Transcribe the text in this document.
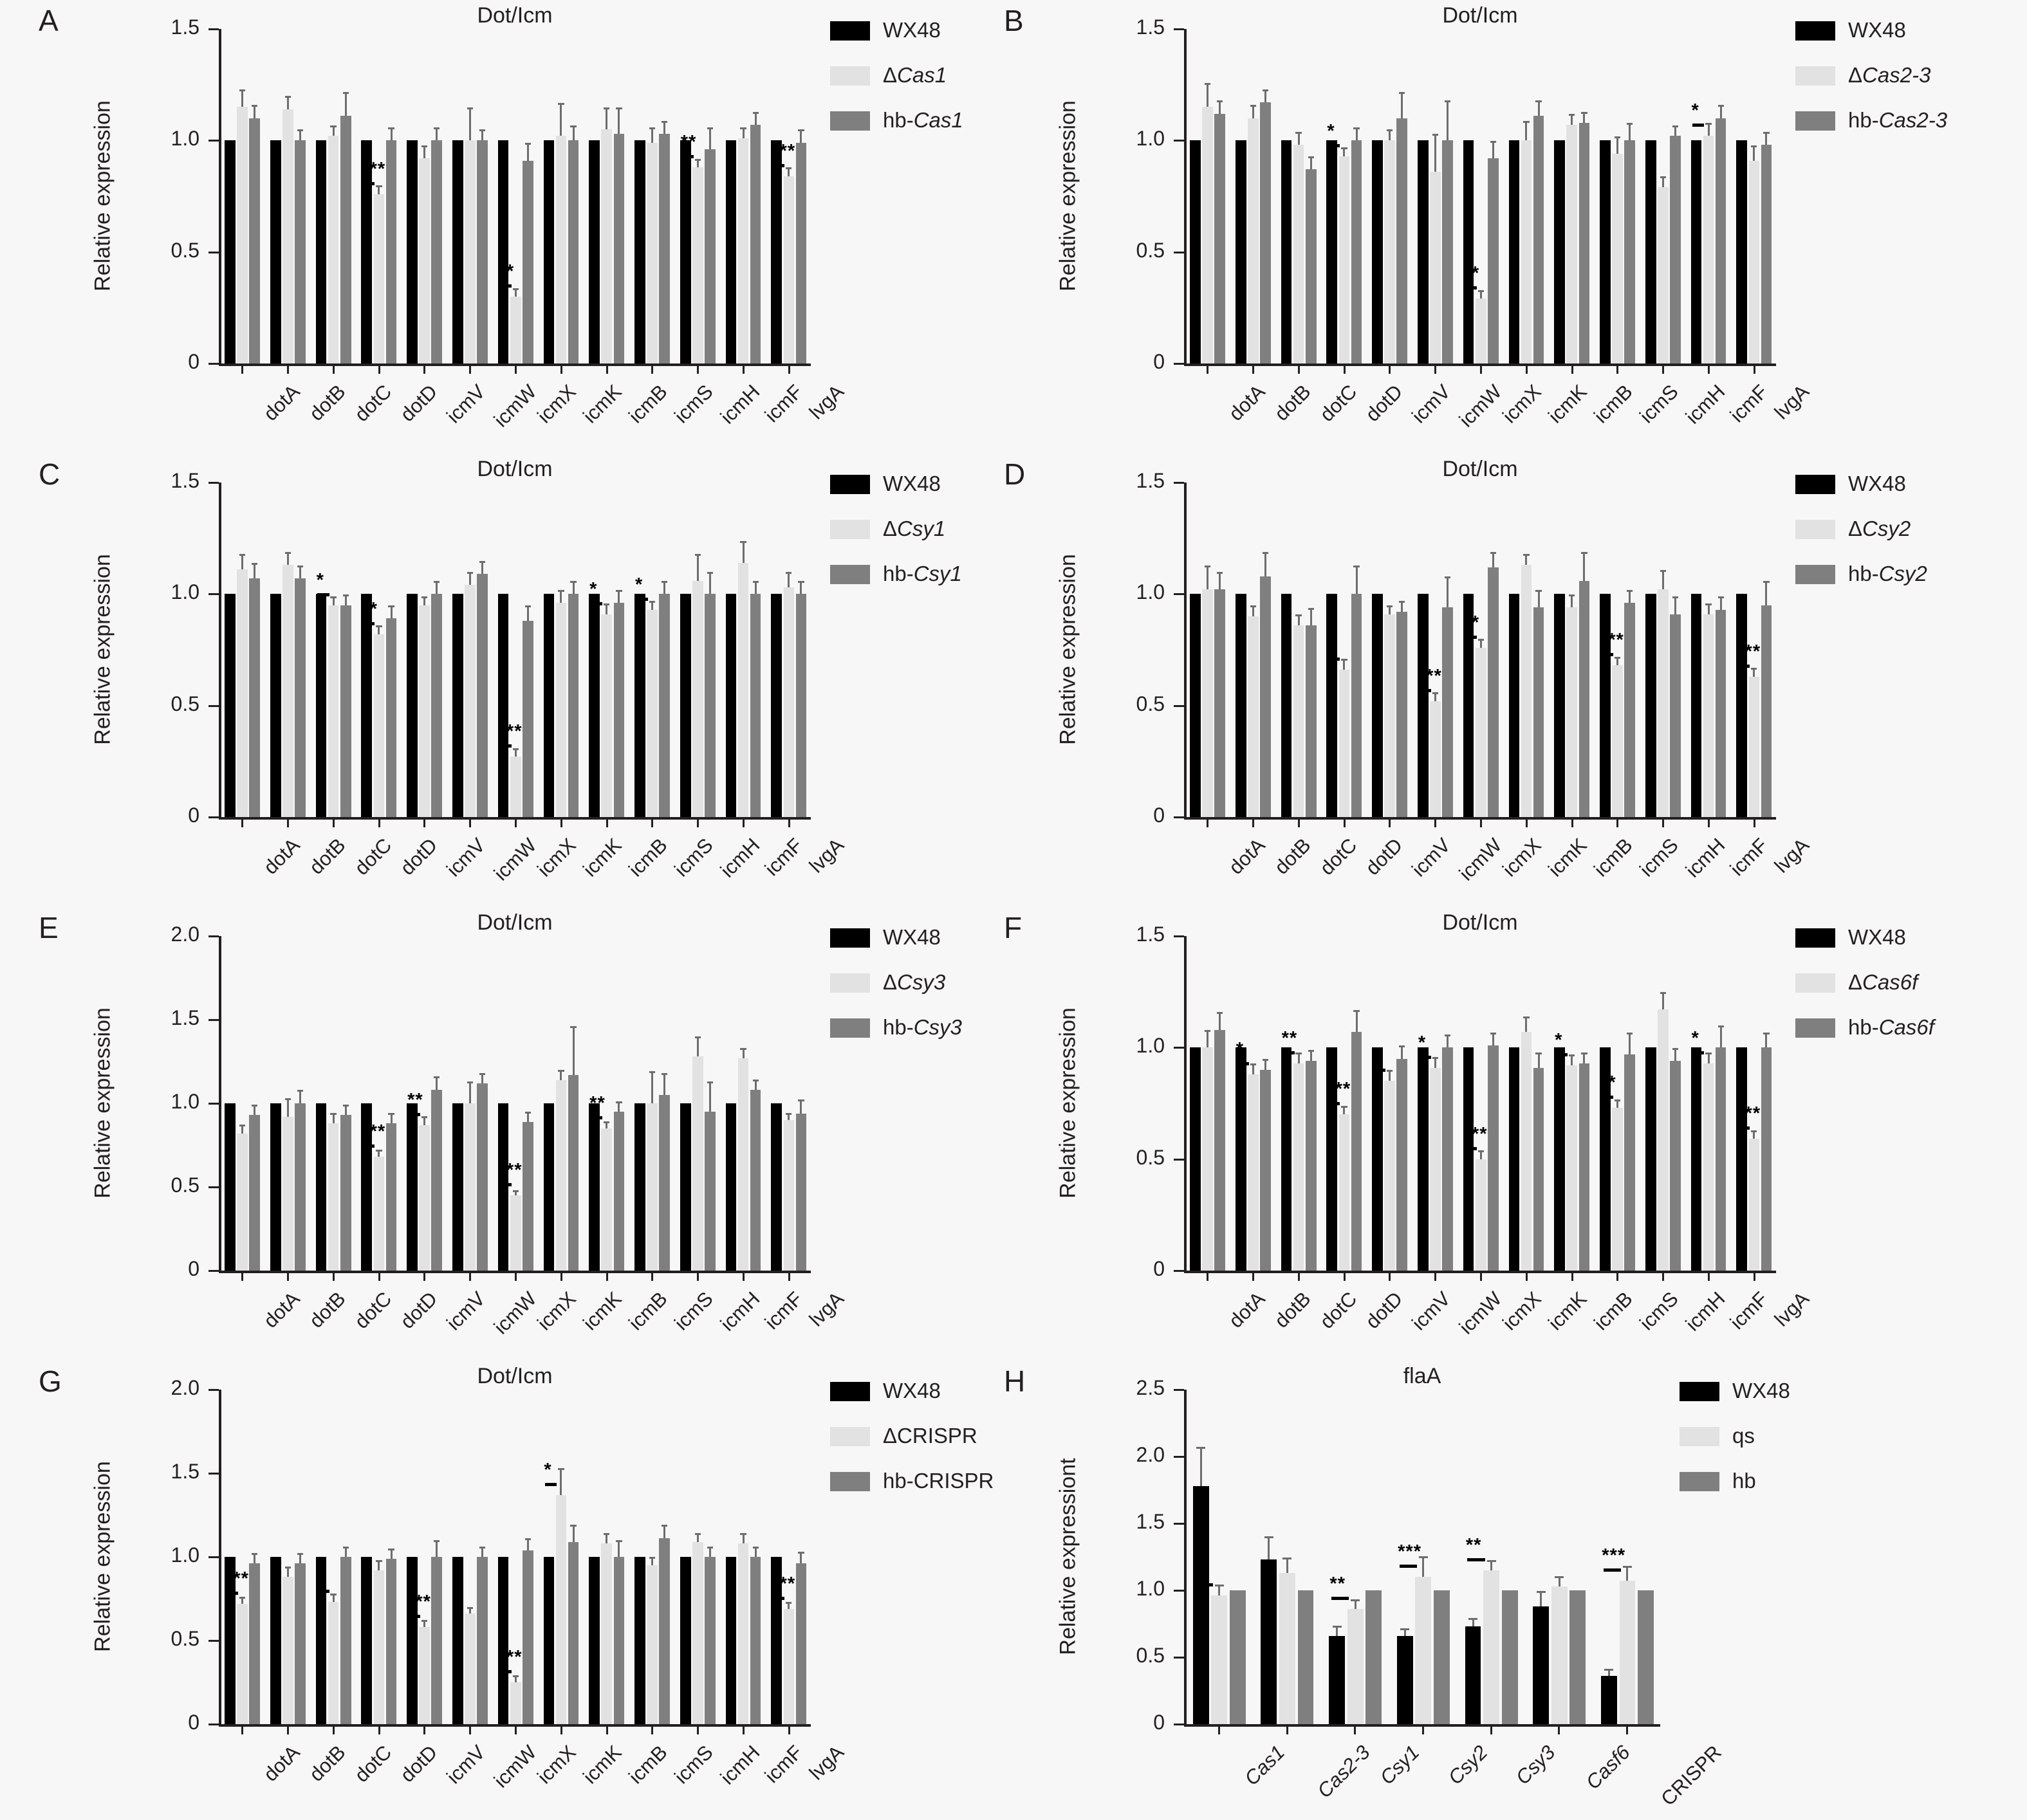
A	Dot/Icm
Relative expression
0
0.5
1.0
1.5
dotA dotB dotC dotD
***
icmV icmW
icmX
**
icmK
icmB
icmS
icmH
**
icmF
lvgA
***
WX48
ΔCas1
hb-Cas1
B	Dot/Icm
Relative expression
0
0.5
1.0
1.5
dotA dotB dotC dotD
*
icmV icmW
icmX
**
icmK
icmB
icmS
icmH
icmF
*
lvgA
WX48
ΔCas2-3
hb-Cas2-3
C	Dot/Icm
Relative expression
0
0.5
1.0
1.5
dotA dotB dotC
*
dotD
**
icmV icmW
icmX
***
icmK
icmB
*
icmS
*
icmH
icmF
lvgA
WX48
ΔCsy1
hb-Csy1
D	Dot/Icm
Relative expression
0
0.5
1.0
1.5
dotA dotB dotC dotD
*
icmV icmW
***
icmX
**
icmK
icmB
icmS
***
icmH
icmF
lvgA
***
WX48
ΔCsy2
hb-Csy2
E	Dot/Icm
Relative expression
0
0.5
1.0
1.5
2.0
dotA dotB dotC dotD
***
icmV
**
icmW
icmX
***
icmK
icmB
**
icmS
icmH
icmF
lvgA
WX48
ΔCsy3
hb-Csy3
F	Dot/Icm
Relative expression
0
0.5
1.0
1.5
dotA dotB
*
dotC
**
dotD
***
icmV
*
icmW
*
icmX
***
icmK
icmB
*
icmS
**
icmH
icmF
*
lvgA
***
WX48
ΔCas6f
hb-Cas6f
G	Dot/Icm
Relative expression
0
0.5
1.0
1.5
2.0
dotA
***
dotB dotC
*
dotD icmV
***
icmW
icmX
***
icmK
*
icmB
icmS
icmH
icmF
lvgA
***
WX48
ΔCRISPR
hb-CRISPR
H	flaA
Relative expressiont
0
0.5
1.0
1.5
2.0
2.5
Cas1
**
Cas2-3 Csy1
**
Csy2
***
Csy3
**
Casf6 CRISPR
***
WX48
qs
hb
